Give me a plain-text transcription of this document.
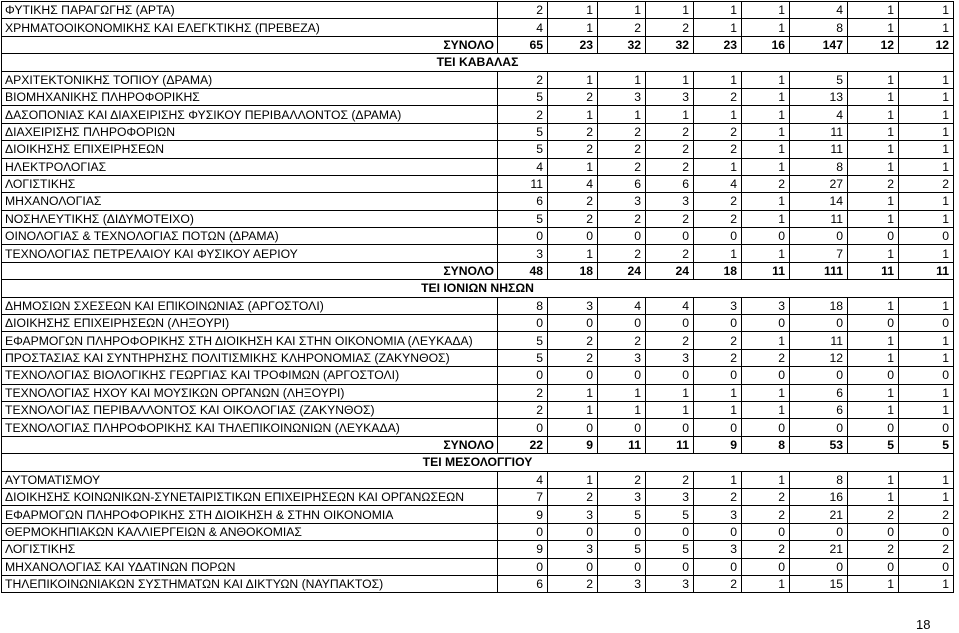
ΦΥΤΙΚΗΣ ΠΑΡΑΓΩΓΗΣ (ΑΡΤΑ)	2	1	1	1	1	1	4	1	1
ΧΡΗΜΑΤΟΟΙΚΟΝΟΜΙΚΗΣ ΚΑΙ ΕΛΕΓΚΤΙΚΗΣ (ΠΡΕΒΕΖΑ)	4	1	2	2	1	1	8	1	1
ΣΥΝΟΛΟ	65	23	32	32	23	16	147	12	12
ΤΕΙ ΚΑΒΑΛΑΣ									
ΑΡΧΙΤΕΚΤΟΝΙΚΗΣ ΤΟΠΙΟΥ (ΔΡΑΜΑ)	2	1	1	1	1	1	5	1	1
ΒΙΟΜΗΧΑΝΙΚΗΣ ΠΛΗΡΟΦΟΡΙΚΗΣ	5	2	3	3	2	1	13	1	1
ΔΑΣΟΠΟΝΙΑΣ ΚΑΙ ΔΙΑΧΕΙΡΙΣΗΣ ΦΥΣΙΚΟΥ ΠΕΡΙΒΑΛΛΟΝΤΟΣ (ΔΡΑΜΑ)	2	1	1	1	1	1	4	1	1
ΔΙΑΧΕΙΡΙΣΗΣ ΠΛΗΡΟΦΟΡΙΩΝ	5	2	2	2	2	1	11	1	1
ΔΙΟΙΚΗΣΗΣ ΕΠΙΧΕΙΡΗΣΕΩΝ	5	2	2	2	2	1	11	1	1
ΗΛΕΚΤΡΟΛΟΓΙΑΣ	4	1	2	2	1	1	8	1	1
ΛΟΓΙΣΤΙΚΗΣ	11	4	6	6	4	2	27	2	2
ΜΗΧΑΝΟΛΟΓΙΑΣ	6	2	3	3	2	1	14	1	1
ΝΟΣΗΛΕΥΤΙΚΗΣ (ΔΙΔΥΜΟΤΕΙΧΟ)	5	2	2	2	2	1	11	1	1
ΟΙΝΟΛΟΓΙΑΣ & ΤΕΧΝΟΛΟΓΙΑΣ ΠΟΤΩΝ (ΔΡΑΜΑ)	0	0	0	0	0	0	0	0	0
ΤΕΧΝΟΛΟΓΙΑΣ ΠΕΤΡΕΛΑΙΟΥ ΚΑΙ ΦΥΣΙΚΟΥ ΑΕΡΙΟΥ	3	1	2	2	1	1	7	1	1
ΣΥΝΟΛΟ	48	18	24	24	18	11	111	11	11
ΤΕΙ ΙΟΝΙΩΝ ΝΗΣΩΝ									
ΔΗΜΟΣΙΩΝ ΣΧΕΣΕΩΝ ΚΑΙ ΕΠΙΚΟΙΝΩΝΙΑΣ (ΑΡΓΟΣΤΟΛΙ)	8	3	4	4	3	3	18	1	1
ΔΙΟΙΚΗΣΗΣ ΕΠΙΧΕΙΡΗΣΕΩΝ (ΛΗΞΟΥΡΙ)	0	0	0	0	0	0	0	0	0
ΕΦΑΡΜΟΓΩΝ ΠΛΗΡΟΦΟΡΙΚΗΣ ΣΤΗ ΔΙΟΙΚΗΣΗ ΚΑΙ ΣΤΗΝ ΟΙΚΟΝΟΜΙΑ (ΛΕΥΚΑΔΑ)	5	2	2	2	2	1	11	1	1
ΠΡΟΣΤΑΣΙΑΣ ΚΑΙ ΣΥΝΤΗΡΗΣΗΣ ΠΟΛΙΤΙΣΜΙΚΗΣ ΚΛΗΡΟΝΟΜΙΑΣ (ΖΑΚΥΝΘΟΣ)	5	2	3	3	2	2	12	1	1
ΤΕΧΝΟΛΟΓΙΑΣ ΒΙΟΛΟΓΙΚΗΣ ΓΕΩΡΓΙΑΣ ΚΑΙ ΤΡΟΦΙΜΩΝ (ΑΡΓΟΣΤΟΛΙ)	0	0	0	0	0	0	0	0	0
ΤΕΧΝΟΛΟΓΙΑΣ ΗΧΟΥ ΚΑΙ ΜΟΥΣΙΚΩΝ ΟΡΓΑΝΩΝ (ΛΗΞΟΥΡΙ)	2	1	1	1	1	1	6	1	1
ΤΕΧΝΟΛΟΓΙΑΣ ΠΕΡΙΒΑΛΛΟΝΤΟΣ ΚΑΙ ΟΙΚΟΛΟΓΙΑΣ (ΖΑΚΥΝΘΟΣ)	2	1	1	1	1	1	6	1	1
ΤΕΧΝΟΛΟΓΙΑΣ ΠΛΗΡΟΦΟΡΙΚΗΣ ΚΑΙ ΤΗΛΕΠΙΚΟΙΝΩΝΙΩΝ (ΛΕΥΚΑΔΑ)	0	0	0	0	0	0	0	0	0
ΣΥΝΟΛΟ	22	9	11	11	9	8	53	5	5
ΤΕΙ ΜΕΣΟΛΟΓΓΙΟΥ									
ΑΥΤΟΜΑΤΙΣΜΟΥ	4	1	2	2	1	1	8	1	1
ΔΙΟΙΚΗΣΗΣ ΚΟΙΝΩΝΙΚΩΝ-ΣΥΝΕΤΑΙΡΙΣΤΙΚΩΝ ΕΠΙΧΕΙΡΗΣΕΩΝ ΚΑΙ ΟΡΓΑΝΩΣΕΩΝ	7	2	3	3	2	2	16	1	1
ΕΦΑΡΜΟΓΩΝ ΠΛΗΡΟΦΟΡΙΚΗΣ ΣΤΗ ΔΙΟΙΚΗΣΗ & ΣΤΗΝ ΟΙΚΟΝΟΜΙΑ	9	3	5	5	3	2	21	2	2
ΘΕΡΜΟΚΗΠΙΑΚΩΝ ΚΑΛΛΙΕΡΓΕΙΩΝ & ΑΝΘΟΚΟΜΙΑΣ	0	0	0	0	0	0	0	0	0
ΛΟΓΙΣΤΙΚΗΣ	9	3	5	5	3	2	21	2	2
ΜΗΧΑΝΟΛΟΓΙΑΣ ΚΑΙ ΥΔΑΤΙΝΩΝ ΠΟΡΩΝ	0	0	0	0	0	0	0	0	0
ΤΗΛΕΠΙΚΟΙΝΩΝΙΑΚΩΝ ΣΥΣΤΗΜΑΤΩΝ ΚΑΙ ΔΙΚΤΥΩΝ (ΝΑΥΠΑΚΤΟΣ)	6	2	3	3	2	1	15	1	1
18
